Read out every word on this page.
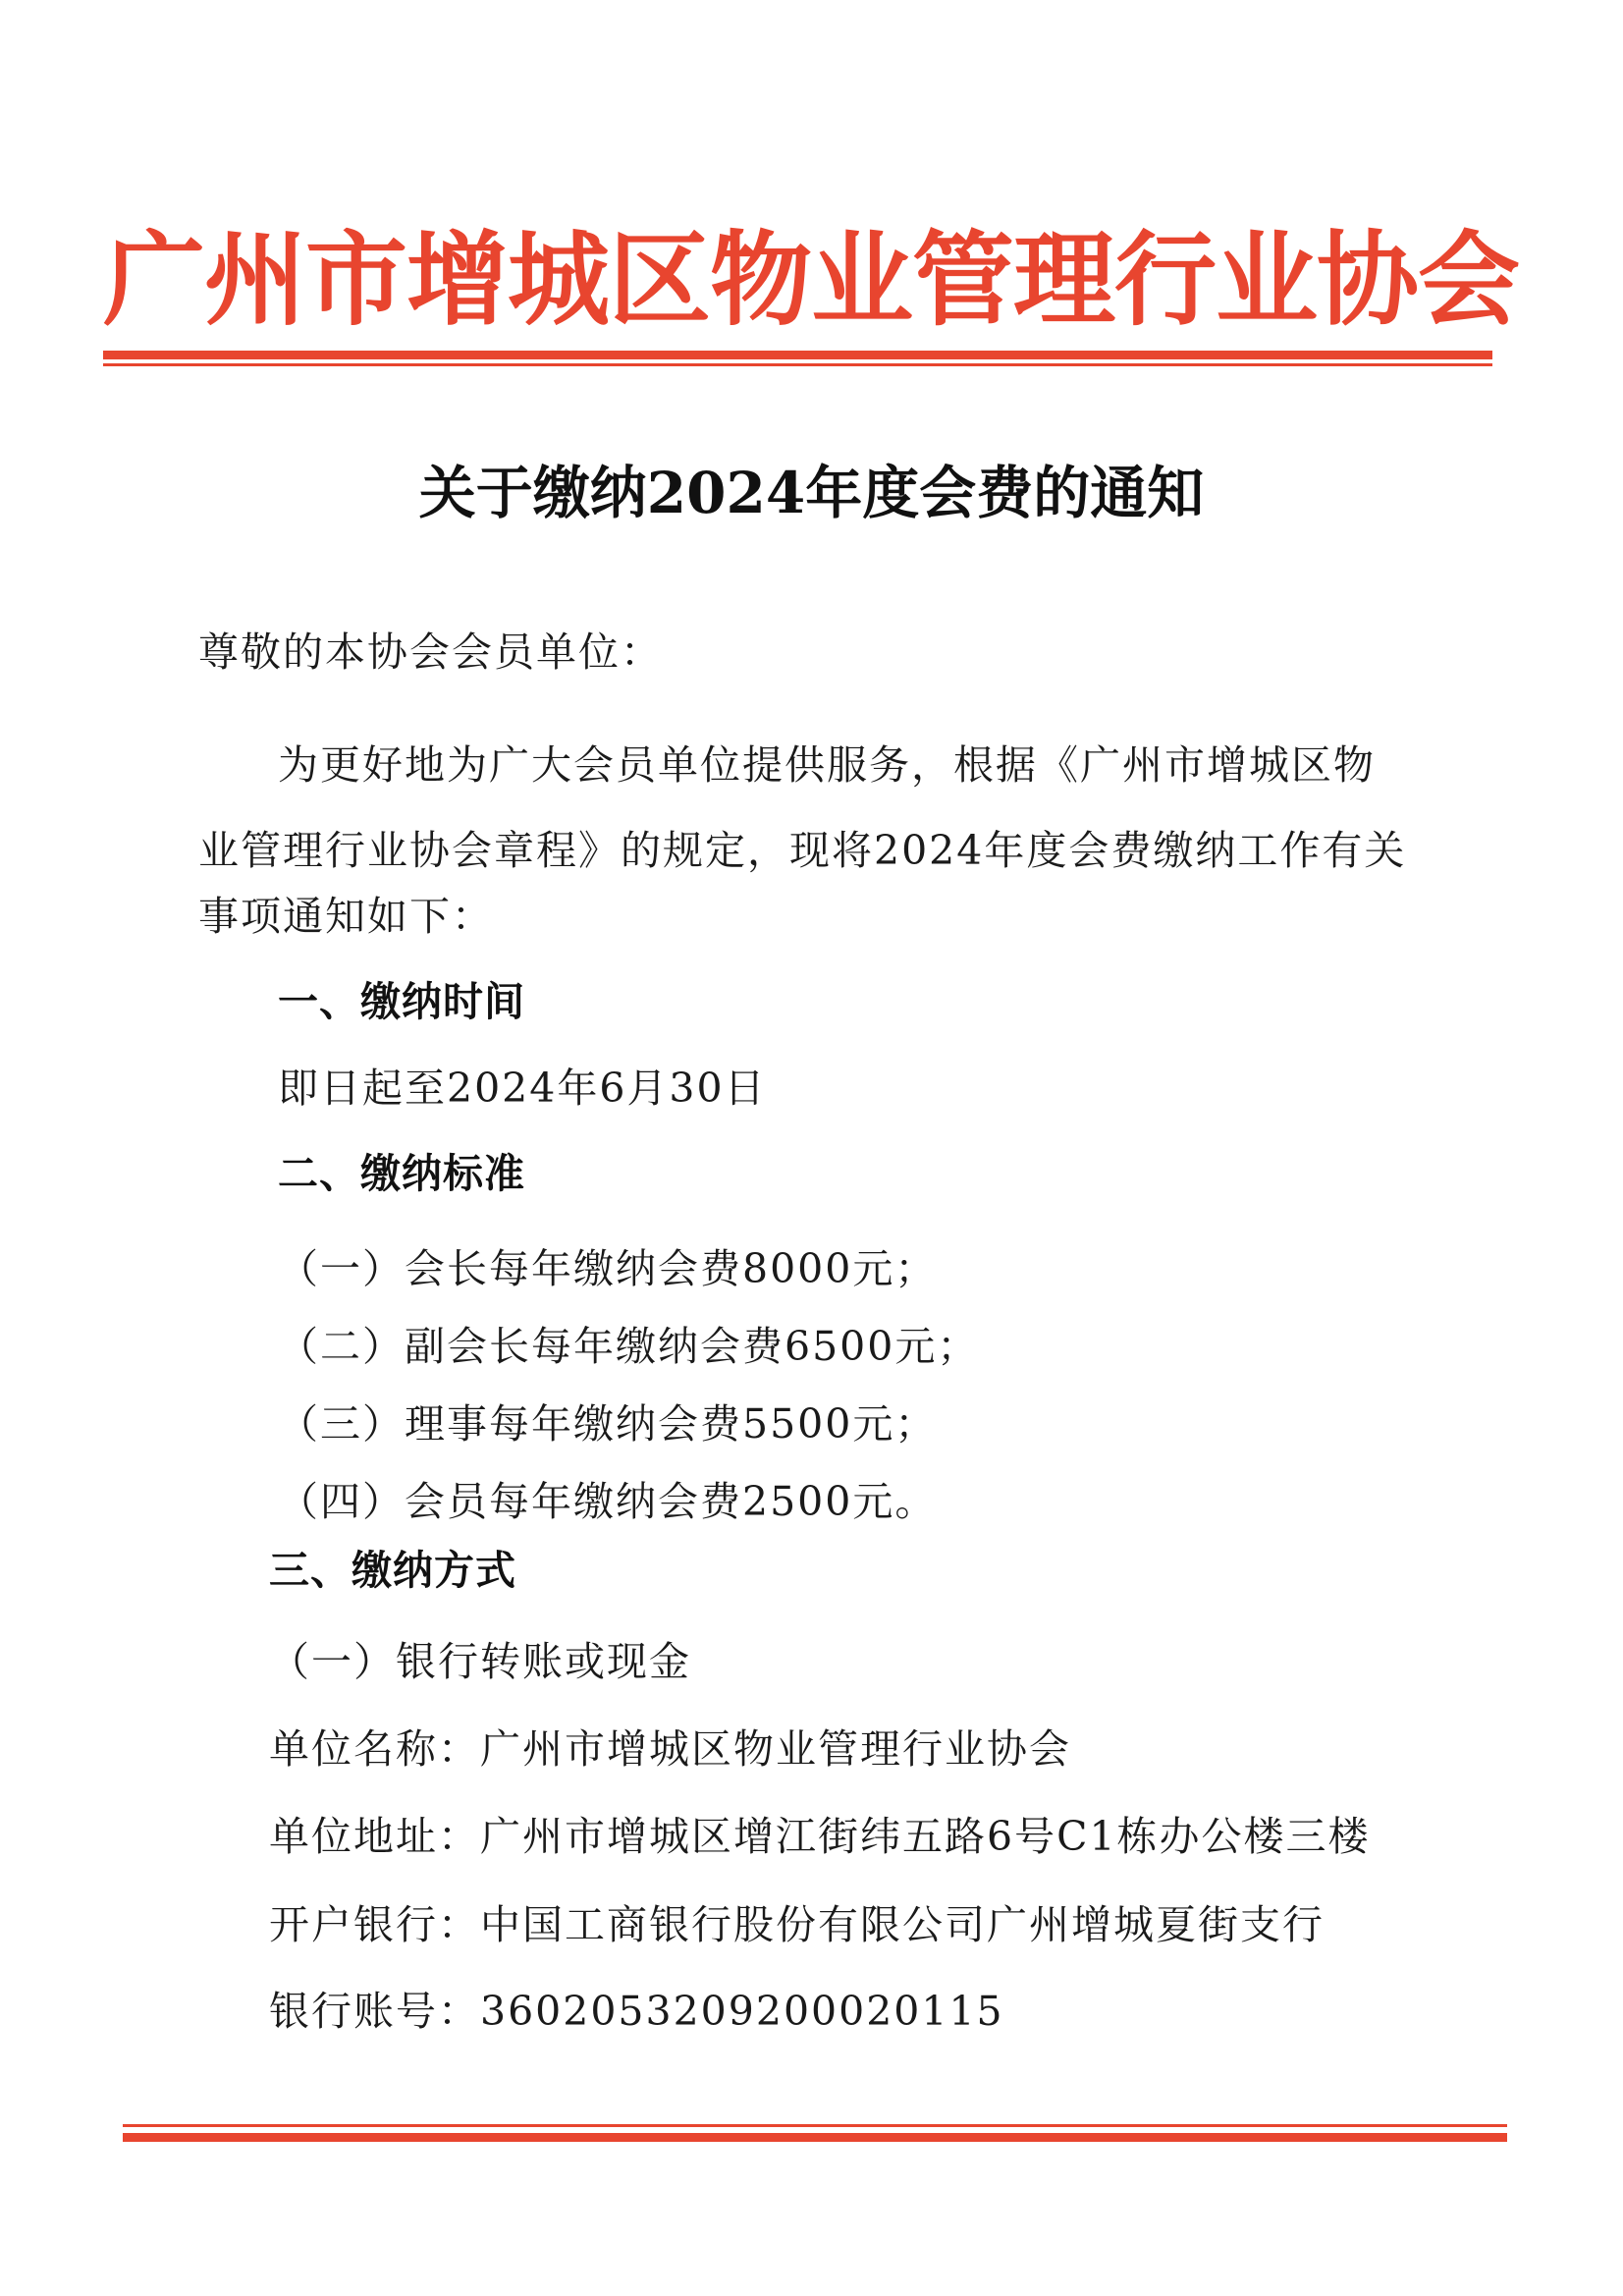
广州市增城区物业管理行业协会
关于缴纳2024年度会费的通知
尊敬的本协会会员单位：
为更好地为广大会员单位提供服务，根据《广州市增城区物
业管理行业协会章程》的规定，现将2024年度会费缴纳工作有关
事项通知如下：
一、缴纳时间
即日起至2024年6月30日
二、缴纳标准
（一）会长每年缴纳会费8000元；
（二）副会长每年缴纳会费6500元；
（三）理事每年缴纳会费5500元；
（四）会员每年缴纳会费2500元。
三、缴纳方式
（一）银行转账或现金
单位名称：广州市增城区物业管理行业协会
单位地址：广州市增城区增江街纬五路6号C1栋办公楼三楼
开户银行：中国工商银行股份有限公司广州增城夏街支行
银行账号：3602053209200020115
